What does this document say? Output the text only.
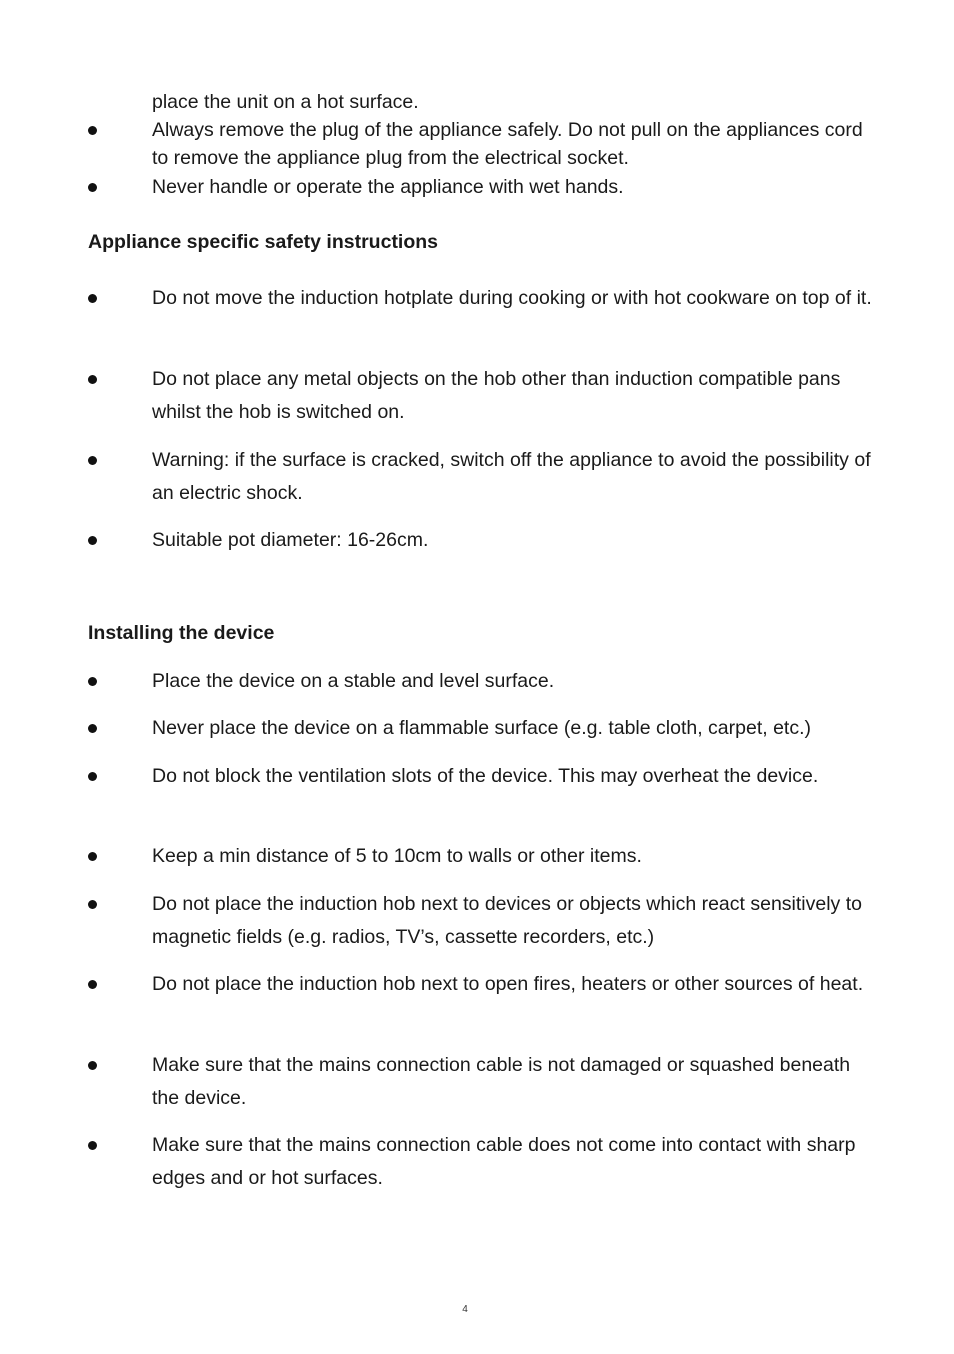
place the unit on a hot surface.
Always remove the plug of the appliance safely. Do not pull on the appliances cord to remove the appliance plug from the electrical socket.
Never handle or operate the appliance with wet hands.
Appliance specific safety instructions
Do not move the induction hotplate during cooking or with hot cookware on top of it.
Do not place any metal objects on the hob other than induction compatible pans whilst the hob is switched on.
Warning: if the surface is cracked, switch off the appliance to avoid the possibility of an electric shock.
Suitable pot diameter: 16-26cm.
Installing the device
Place the device on a stable and level surface.
Never place the device on a flammable surface (e.g. table cloth, carpet, etc.)
Do not block the ventilation slots of the device. This may overheat the device.
Keep a min distance of 5 to 10cm to walls or other items.
Do not place the induction hob next to devices or objects which react sensitively to magnetic fields (e.g. radios, TV’s, cassette recorders, etc.)
Do not place the induction hob next to open fires, heaters or other sources of heat.
Make sure that the mains connection cable is not damaged or squashed beneath the device.
Make sure that the mains connection cable does not come into contact with sharp edges and or hot surfaces.
4
